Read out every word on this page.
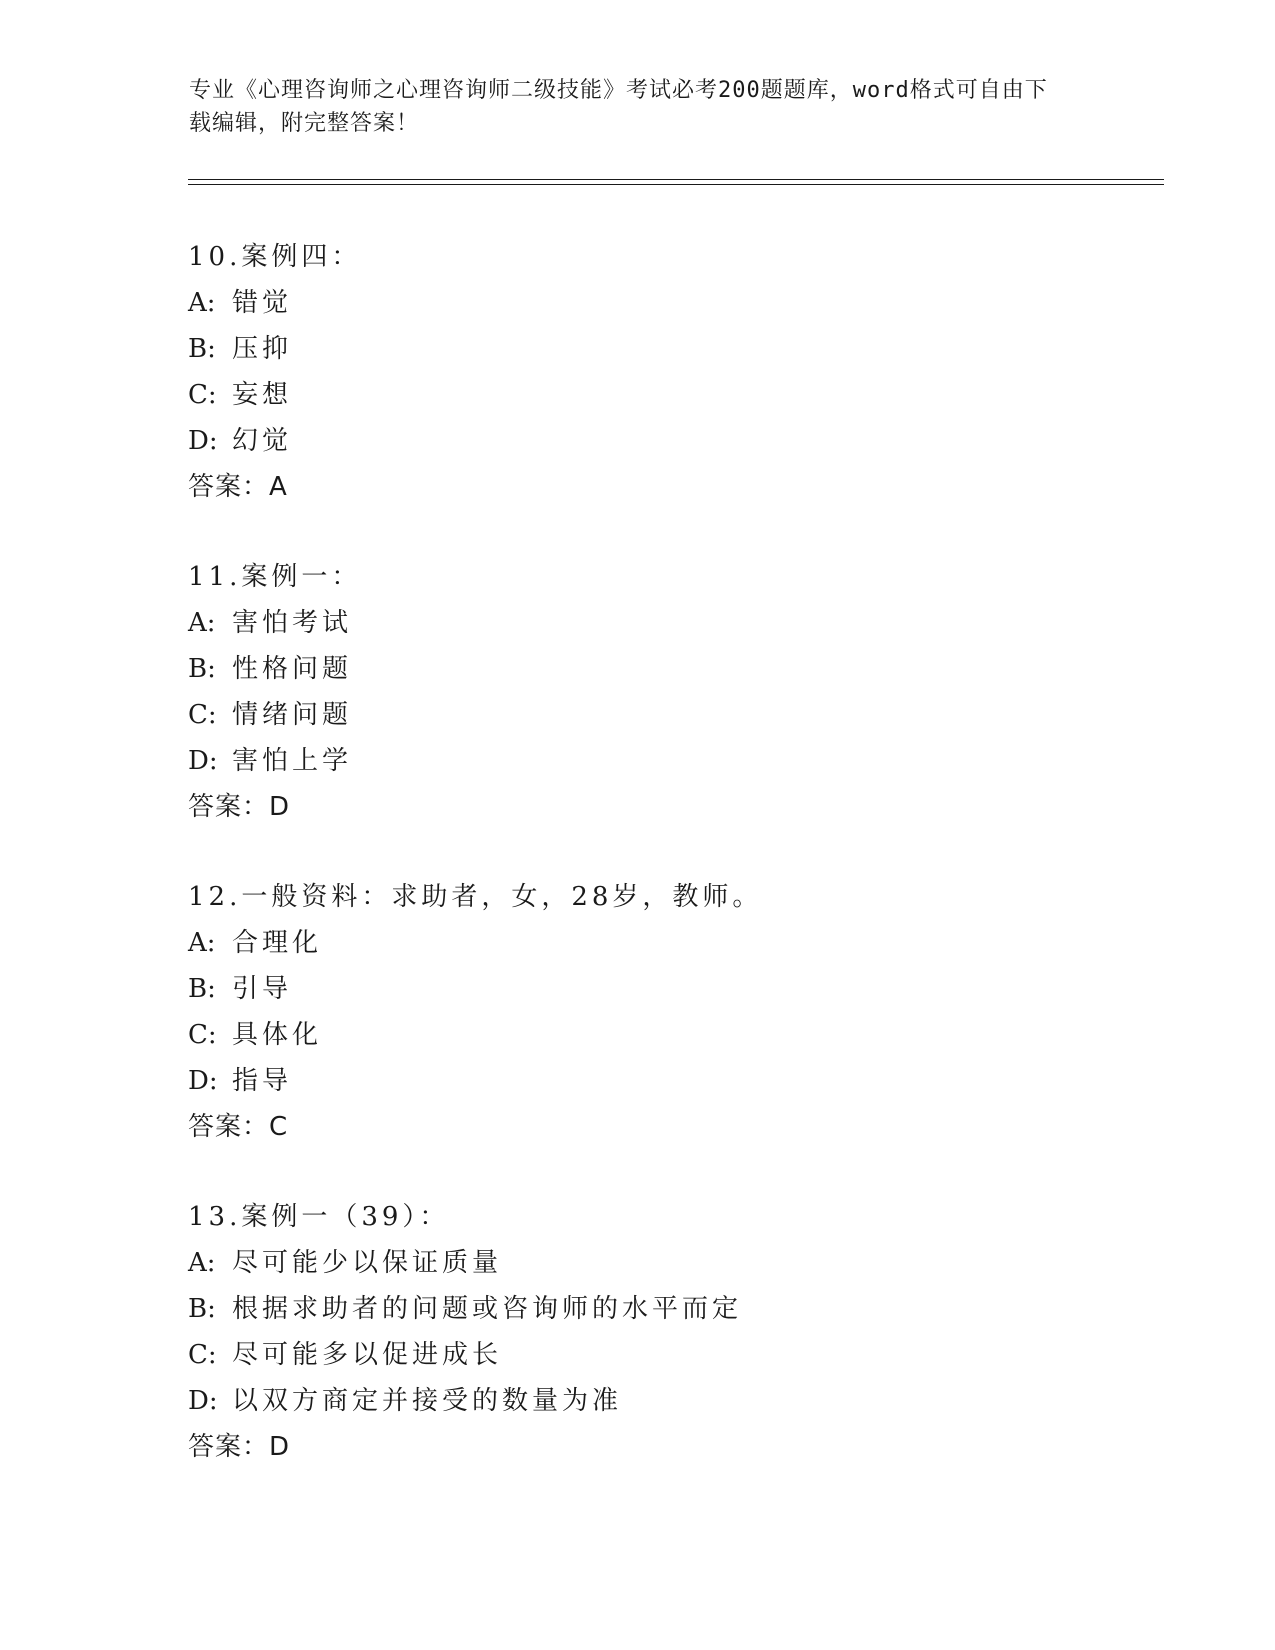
专业《心理咨询师之心理咨询师二级技能》考试必考200题题库，word格式可自由下载编辑，附完整答案！
10.案例四：
A: 错觉
B: 压抑
C: 妄想
D: 幻觉
答案：A
11.案例一：
A: 害怕考试
B: 性格问题
C: 情绪问题
D: 害怕上学
答案：D
12.一般资料：求助者，女，28岁，教师。
A: 合理化
B: 引导
C: 具体化
D: 指导
答案：C
13.案例一（39）：
A: 尽可能少以保证质量
B: 根据求助者的问题或咨询师的水平而定
C: 尽可能多以促进成长
D: 以双方商定并接受的数量为准
答案：D
